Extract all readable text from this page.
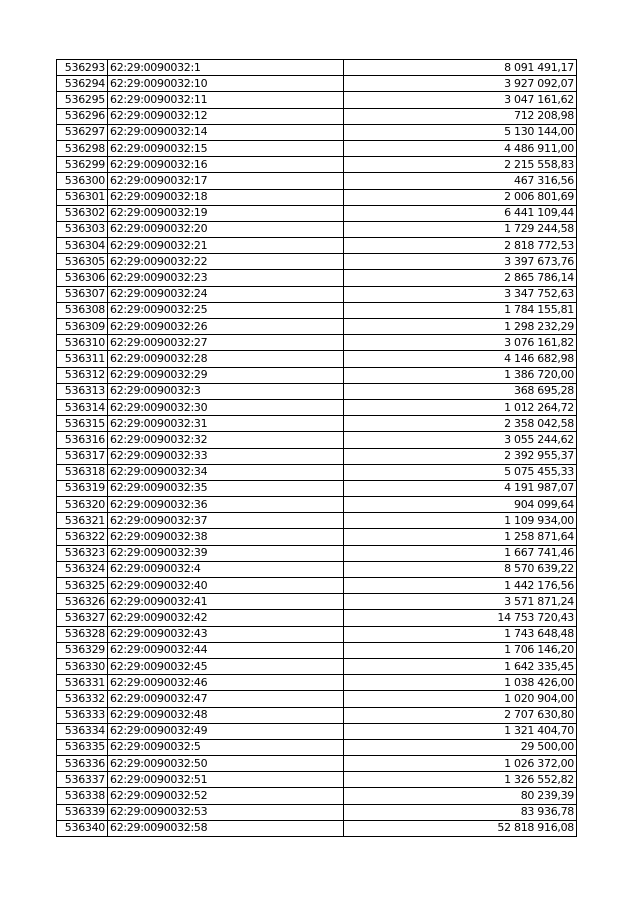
536293	62:29:0090032:1	8 091 491,17
536294	62:29:0090032:10	3 927 092,07
536295	62:29:0090032:11	3 047 161,62
536296	62:29:0090032:12	712 208,98
536297	62:29:0090032:14	5 130 144,00
536298	62:29:0090032:15	4 486 911,00
536299	62:29:0090032:16	2 215 558,83
536300	62:29:0090032:17	467 316,56
536301	62:29:0090032:18	2 006 801,69
536302	62:29:0090032:19	6 441 109,44
536303	62:29:0090032:20	1 729 244,58
536304	62:29:0090032:21	2 818 772,53
536305	62:29:0090032:22	3 397 673,76
536306	62:29:0090032:23	2 865 786,14
536307	62:29:0090032:24	3 347 752,63
536308	62:29:0090032:25	1 784 155,81
536309	62:29:0090032:26	1 298 232,29
536310	62:29:0090032:27	3 076 161,82
536311	62:29:0090032:28	4 146 682,98
536312	62:29:0090032:29	1 386 720,00
536313	62:29:0090032:3	368 695,28
536314	62:29:0090032:30	1 012 264,72
536315	62:29:0090032:31	2 358 042,58
536316	62:29:0090032:32	3 055 244,62
536317	62:29:0090032:33	2 392 955,37
536318	62:29:0090032:34	5 075 455,33
536319	62:29:0090032:35	4 191 987,07
536320	62:29:0090032:36	904 099,64
536321	62:29:0090032:37	1 109 934,00
536322	62:29:0090032:38	1 258 871,64
536323	62:29:0090032:39	1 667 741,46
536324	62:29:0090032:4	8 570 639,22
536325	62:29:0090032:40	1 442 176,56
536326	62:29:0090032:41	3 571 871,24
536327	62:29:0090032:42	14 753 720,43
536328	62:29:0090032:43	1 743 648,48
536329	62:29:0090032:44	1 706 146,20
536330	62:29:0090032:45	1 642 335,45
536331	62:29:0090032:46	1 038 426,00
536332	62:29:0090032:47	1 020 904,00
536333	62:29:0090032:48	2 707 630,80
536334	62:29:0090032:49	1 321 404,70
536335	62:29:0090032:5	29 500,00
536336	62:29:0090032:50	1 026 372,00
536337	62:29:0090032:51	1 326 552,82
536338	62:29:0090032:52	80 239,39
536339	62:29:0090032:53	83 936,78
536340	62:29:0090032:58	52 818 916,08
